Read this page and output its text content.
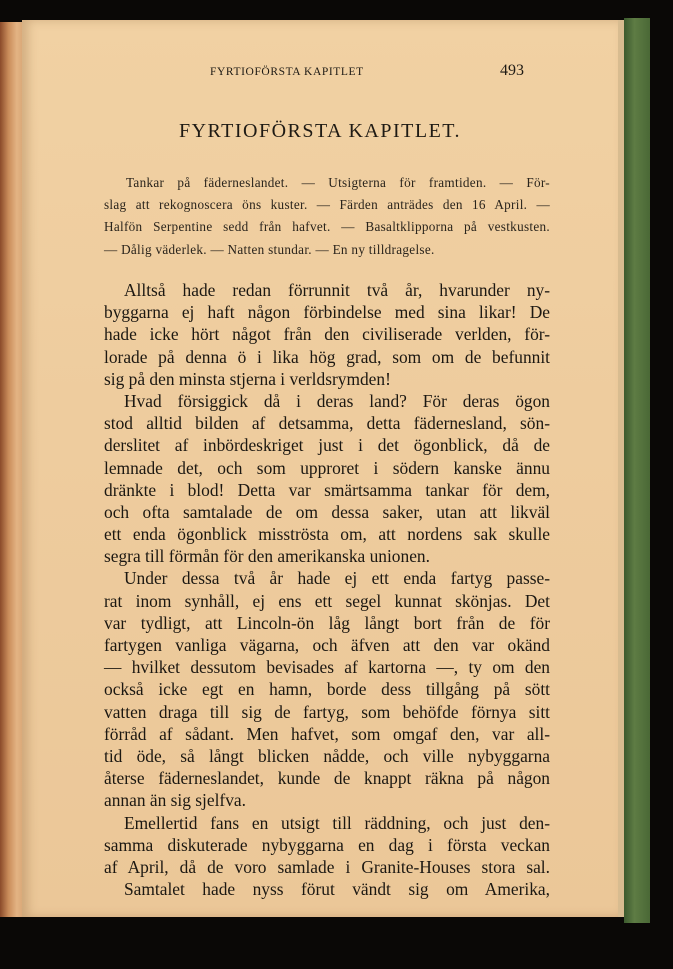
FYRTIOFÖRSTA KAPITLET	493
FYRTIOFÖRSTA KAPITLET.
Tankar på fäderneslandet. — Utsigterna för framtiden. — För-
slag att rekognoscera öns kuster. — Färden anträdes den 16 April. —
Halfön Serpentine sedd från hafvet. — Basaltklipporna på vestkusten.
— Dålig väderlek. — Natten stundar. — En ny tilldragelse.
Alltså hade redan förrunnit två år, hvarunder ny-
byggarna ej haft någon förbindelse med sina likar! De
hade icke hört något från den civiliserade verlden, för-
lorade på denna ö i lika hög grad, som om de befunnit
sig på den minsta stjerna i verldsrymden!
Hvad försiggick då i deras land? För deras ögon
stod alltid bilden af detsamma, detta fädernesland, sön-
derslitet af inbördeskriget just i det ögonblick, då de
lemnade det, och som upproret i södern kanske ännu
dränkte i blod! Detta var smärtsamma tankar för dem,
och ofta samtalade de om dessa saker, utan att likväl
ett enda ögonblick misströsta om, att nordens sak skulle
segra till förmån för den amerikanska unionen.
Under dessa två år hade ej ett enda fartyg passe-
rat inom synhåll, ej ens ett segel kunnat skönjas. Det
var tydligt, att Lincoln-ön låg långt bort från de för
fartygen vanliga vägarna, och äfven att den var okänd
— hvilket dessutom bevisades af kartorna —, ty om den
också icke egt en hamn, borde dess tillgång på sött
vatten draga till sig de fartyg, som behöfde förnya sitt
förråd af sådant. Men hafvet, som omgaf den, var all-
tid öde, så långt blicken nådde, och ville nybyggarna
återse fäderneslandet, kunde de knappt räkna på någon
annan än sig sjelfva.
Emellertid fans en utsigt till räddning, och just den-
samma diskuterade nybyggarna en dag i första veckan
af April, då de voro samlade i Granite-Houses stora sal.
Samtalet hade nyss förut vändt sig om Amerika,
